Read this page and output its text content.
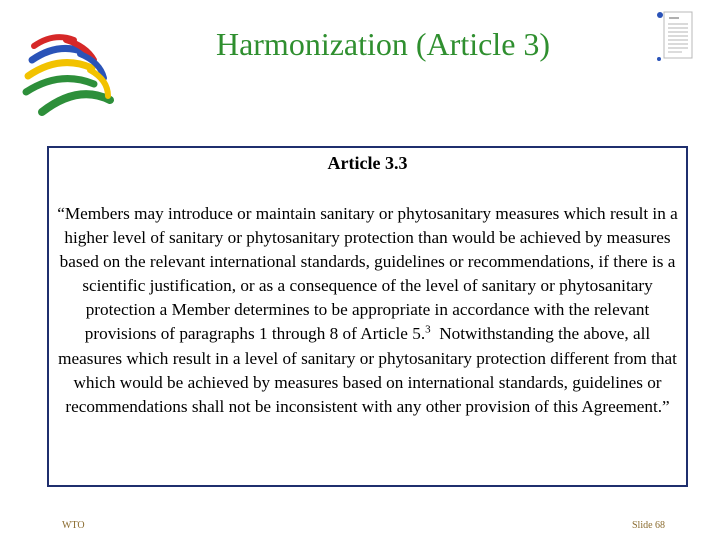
Harmonization (Article 3)
Article 3.3

“Members may introduce or maintain sanitary or phytosanitary measures which result in a higher level of sanitary or phytosanitary protection than would be achieved by measures based on the relevant international standards, guidelines or recommendations, if there is a scientific justification, or as a consequence of the level of sanitary or phytosanitary protection a Member determines to be appropriate in accordance with the relevant provisions of paragraphs 1 through 8 of Article 5.$^3$  Notwithstanding the above, all measures which result in a level of sanitary or phytosanitary protection different from that which would be achieved by measures based on international standards, guidelines or recommendations shall not be inconsistent with any other provision of this Agreement.”

WTO	Slide 68
